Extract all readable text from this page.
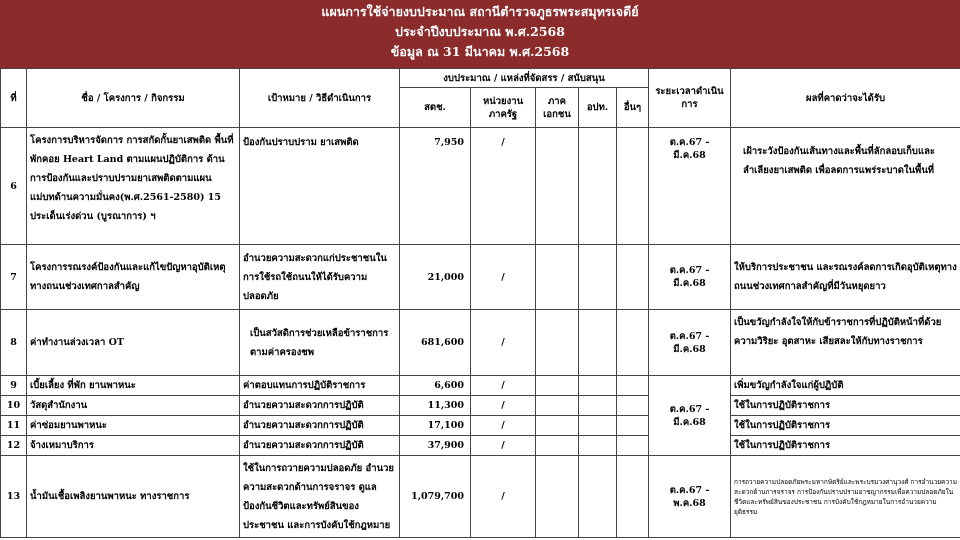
แผนการใช้จ่ายงบประมาณ สถานีตำรวจภูธรพระสมุทรเจดีย์
ประจำปีงบประมาณ พ.ศ.2568
ข้อมูล ณ 31 มีนาคม พ.ศ.2568
ที่	ชื่อ / โครงการ / กิจกรรม	เป้าหมาย / วิธีดำเนินการ	งบประมาณ / แหล่งที่จัดสรร / สนับสนุน					ระยะเวลาดำเนินการ	ผลที่คาดว่าจะได้รับ
			สตช.	หน่วยงานภาครัฐ	ภาคเอกชน	อปท.	อื่นๆ		
6	โครงการบริหารจัดการ การสกัดกั้นยาเสพติด พื้นที่พักคอย Heart Land ตามแผนปฏิบัติการ ด้านการป้องกันและปราบปรามยาเสพติดตามแผนแม่บทด้านความมั่นคง(พ.ศ.2561-2580) 15 ประเด็นเร่งด่วน (บูรณาการ) ฯ	ป้องกันปราบปราม ยาเสพติด	7,950	/				ต.ค.67 - มี.ค.68	เฝ้าระวังป้องกันเส้นทางและพื้นที่ลักลอบเก็บและลำเลียงยาเสพติด เพื่อลดการแพร่ระบาดในพื้นที่
7	โครงการรณรงค์ป้องกันและแก้ไขปัญหาอุบัติเหตุทางถนนช่วงเทศกาลสำคัญ	อำนวยความสะดวกแก่ประชาชนในการใช้รถใช้ถนนให้ได้รับความปลอดภัย	21,000	/				ต.ค.67 - มี.ค.68	ให้บริการประชาชน และรณรงค์ลดการเกิดอุบัติเหตุทางถนนช่วงเทศกาลสำคัญที่มีวันหยุดยาว
8	ค่าทำงานล่วงเวลา OT	เป็นสวัสดิการช่วยเหลือข้าราชการตามค่าครองชพ	681,600	/				ต.ค.67 - มี.ค.68	เป็นขวัญกำลังใจให้กับข้าราชการที่ปฏิบัติหน้าที่ด้วยความวิริยะ อุตสาหะ เสียสละให้กับทางราชการ
9	เบี้ยเลี้ยง ที่พัก ยานพาหนะ	ค่าตอบแทนการปฏิบัติราชการ	6,600	/				ต.ค.67 - มี.ค.68	เพิ่มขวัญกำลังใจแก่ผู้ปฏิบัติ
10	วัสดุสำนักงาน	อำนวยความสะดวกการปฏิบัติ	11,300	/					ใช้ในการปฏิบัติราชการ
11	ค่าซ่อมยานพาหนะ	อำนวยความสะดวกการปฏิบัติ	17,100	/					ใช้ในการปฏิบัติราชการ
12	จ้างเหมาบริการ	อำนวยความสะดวกการปฏิบัติ	37,900	/					ใช้ในการปฏิบัติราชการ
13	น้ำมันเชื้อเพลิงยานพาหนะ ทางราชการ	ใช้ในการถวายความปลอดภัย อำนวยความสะดวกด้านการจราจร ดูแลป้องกันชีวิตและทรัพย์สินของประชาชน และการบังคับใช้กฎหมาย	1,079,700	/				ต.ค.67 - พ.ค.68	การถวายความปลอดภัยพระมหากษัตริย์และพระบรมวงศานุวงศ์ การอำนวยความสะดวกด้านการจราจร การป้องกันปราบปรามอาชญากรรมเพื่อความปลอดภัยในชีวิตและทรัพย์สินของประชาชน การบังคับใช้กฎหมายในการอำนวยความยุติธรรม
